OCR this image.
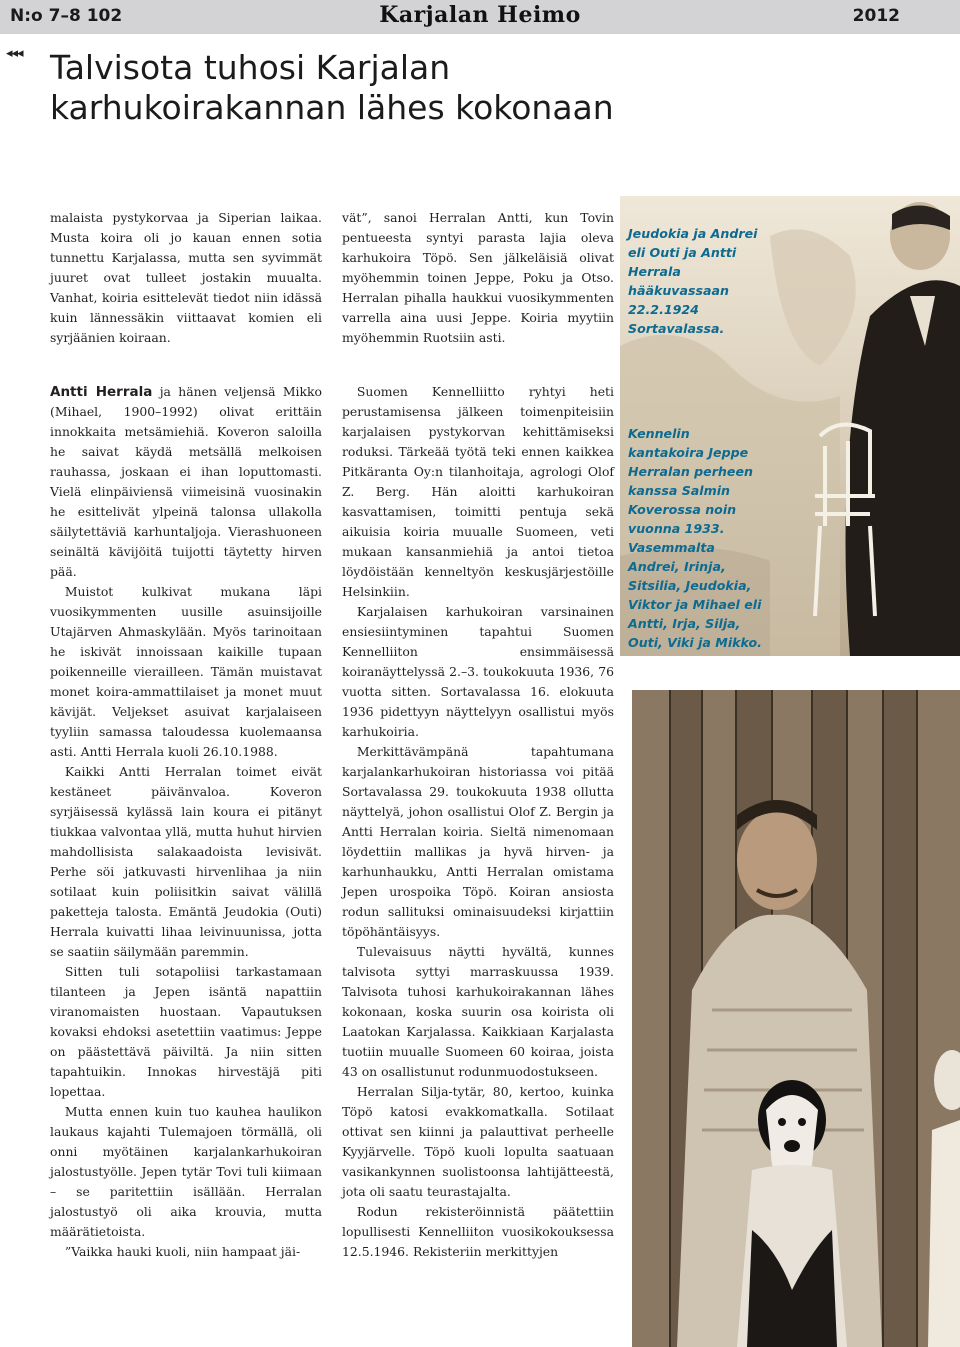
N:o 7–8 102	Karjalan Heimo	2012
◂◂◂ Talvisota tuhosi Karjalan
karhukoirakannan lähes kokonaan

malaista pystykorvaa ja Siperian laikaa. Musta koira oli jo kauan ennen sotia tunnettu Karjalassa, mutta sen syvimmät juuret ovat tulleet jostakin muualta. Vanhat, koiria esittelevät tiedot niin idässä kuin lännessäkin viittaavat komien eli syrjäänien koiraan.

vät”, sanoi Herralan Antti, kun Tovin pentueesta syntyi parasta lajia oleva karhukoira Töpö. Sen jälkeläisiä olivat myöhemmin toinen Jeppe, Poku ja Otso. Herralan pihalla haukkui vuosikymmenten varrella aina uusi Jeppe. Koiria myytiin myöhemmin Ruotsiin asti.

Jeudokia ja Andrei eli Outi ja Antti Herrala hääkuvassaan 22.2.1924 Sortavalassa.

Antti Herrala ja hänen veljensä Mikko (Mihael, 1900–1992) olivat erittäin innokkaita metsämiehiä. Koveron saloilla he saivat käydä metsällä melkoisen rauhassa, joskaan ei ihan loputtomasti. Vielä elinpäiviensä viimeisinä vuosinakin he esittelivät ylpeinä talonsa ullakolla säilytettäviä karhuntaljoja. Vierashuoneen seinältä kävijöitä tuijotti täytetty hirven pää.

Muistot kulkivat mukana läpi vuosikymmenten uusille asuinsijoille Utajärven Ahmaskylään. Myös tarinoitaan he iskivät innoissaan kaikille tupaan poikenneille vierailleen. Tämän muistavat monet koira-ammattilaiset ja monet muut kävijät. Veljekset asuivat karjalaiseen tyyliin samassa taloudessa kuolemaansa asti. Antti Herrala kuoli 26.10.1988.

Kaikki Antti Herralan toimet eivät kestäneet päivänvaloa. Koveron syrjäisessä kylässä lain koura ei pitänyt tiukkaa valvontaa yllä, mutta huhut hirvien mahdollisista salakaadoista levisivät. Perhe söi jatkuvasti hirvenlihaa ja niin sotilaat kuin poliisitkin saivat välillä paketteja talosta. Emäntä Jeudokia (Outi) Herrala kuivatti lihaa leivinuunissa, jotta se saatiin säilymään paremmin.

Sitten tuli sotapoliisi tarkastamaan tilanteen ja Jepen isäntä napattiin viranomaisten huostaan. Vapautuksen kovaksi ehdoksi asetettiin vaatimus: Jeppe on päästettävä päiviltä. Ja niin sitten tapahtuikin. Innokas hirvestäjä piti lopettaa.

Mutta ennen kuin tuo kauhea haulikon laukaus kajahti Tulemajoen törmällä, oli onni myötäinen karjalankarhukoiran jalostustyölle. Jepen tytär Tovi tuli kiimaan – se paritettiin isällään. Herralan jalostustyö oli aika krouvia, mutta määrätietoista.

”Vaikka hauki kuoli, niin hampaat jäi-

Suomen Kennelliitto ryhtyi heti perustamisensa jälkeen toimenpiteisiin karjalaisen pystykorvan kehittämiseksi roduksi. Tärkeää työtä teki ennen kaikkea Pitkäranta Oy:n tilanhoitaja, agrologi Olof Z. Berg. Hän aloitti karhukoiran kasvattamisen, toimitti pentuja sekä aikuisia koiria muualle Suomeen, veti mukaan kansanmiehiä ja antoi tietoa löydöistään kenneltyön keskusjärjestöille Helsinkiin.

Karjalaisen karhukoiran varsinainen ensiesiintyminen tapahtui Suomen Kennelliiton ensimmäisessä koiranäyttelyssä 2.–3. toukokuuta 1936, 76 vuotta sitten. Sortavalassa 16. elokuuta 1936 pidettyyn näyttelyyn osallistui myös karhukoiria.

Merkittävämpänä tapahtumana karjalankarhukoiran historiassa voi pitää Sortavalassa 29. toukokuuta 1938 ollutta näyttelyä, johon osallistui Olof Z. Bergin ja Antti Herralan koiria. Sieltä nimenomaan löydettiin mallikas ja hyvä hirven- ja karhunhaukku, Antti Herralan omistama Jepen urospoika Töpö. Koiran ansiosta rodun sallituksi ominaisuudeksi kirjattiin töpöhäntäisyys.

Tulevaisuus näytti hyvältä, kunnes talvisota syttyi marraskuussa 1939. Talvisota tuhosi karhukoirakannan lähes kokonaan, koska suurin osa koirista oli Laatokan Karjalassa. Kaikkiaan Karjalasta tuotiin muualle Suomeen 60 koiraa, joista 43 on osallistunut rodunmuodostukseen.

Herralan Silja-tytär, 80, kertoo, kuinka Töpö katosi evakkomatkalla. Sotilaat ottivat sen kiinni ja palauttivat perheelle Kyyjärvelle. Töpö kuoli lopulta saatuaan vasikankynnen suolistoonsa lahtijätteestä, jota oli saatu teurastajalta.

Rodun rekisteröinnistä päätettiin lopullisesti Kennelliiton vuosikokouksessa 12.5.1946. Rekisteriin merkittyjen

Kennelin kantakoira Jeppe Herralan perheen kanssa Salmin Koverossa noin vuonna 1933. Vasemmalta Andrei, Irinja, Sitsilia, Jeudokia, Viktor ja Mihael eli Antti, Irja, Silja, Outi, Viki ja Mikko.
